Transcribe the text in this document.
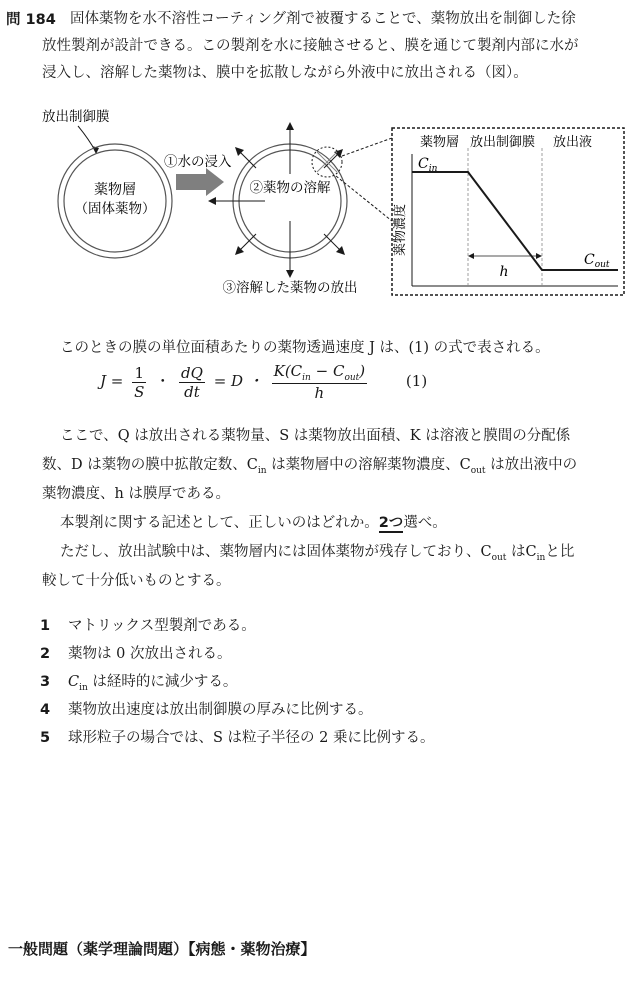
問 184 固体薬物を水不溶性コーティング剤で被覆することで、薬物放出を制御した徐
放性製剤が設計できる。この製剤を水に接触させると、膜を通じて製剤内部に水が
浸入し、溶解した薬物は、膜中を拡散しながら外液中に放出される（図）。
放出制御膜
薬物層
（固体薬物）
①水の浸入
②薬物の溶解
③溶解した薬物の放出
薬物層 放出制御膜 放出液
薬物濃度
$C_{in}$
$C_{out}$
h
このときの膜の単位面積あたりの薬物透過速度 J は、(1) の式で表される。
$J = \frac{1}{S}$ ・ $\frac{dQ}{dt} = D$ ・ $\frac{K(C_{in} - C_{out})}{h}$	(1)
ここで、Q は放出される薬物量、S は薬物放出面積、K は溶液と膜間の分配係
数、D は薬物の膜中拡散定数、$C_{in}$ は薬物層中の溶解薬物濃度、$C_{out}$ は放出液中の
薬物濃度、h は膜厚である。
本製剤に関する記述として、正しいのはどれか。2つ選べ。
ただし、放出試験中は、薬物層内には固体薬物が残存しており、$C_{out}$ は$C_{in}$と比
較して十分低いものとする。
1 マトリックス型製剤である。
2 薬物は 0 次放出される。
3 $C_{in}$ は経時的に減少する。
4 薬物放出速度は放出制御膜の厚みに比例する。
5 球形粒子の場合では、S は粒子半径の 2 乗に比例する。
一般問題（薬学理論問題）【病態・薬物治療】
